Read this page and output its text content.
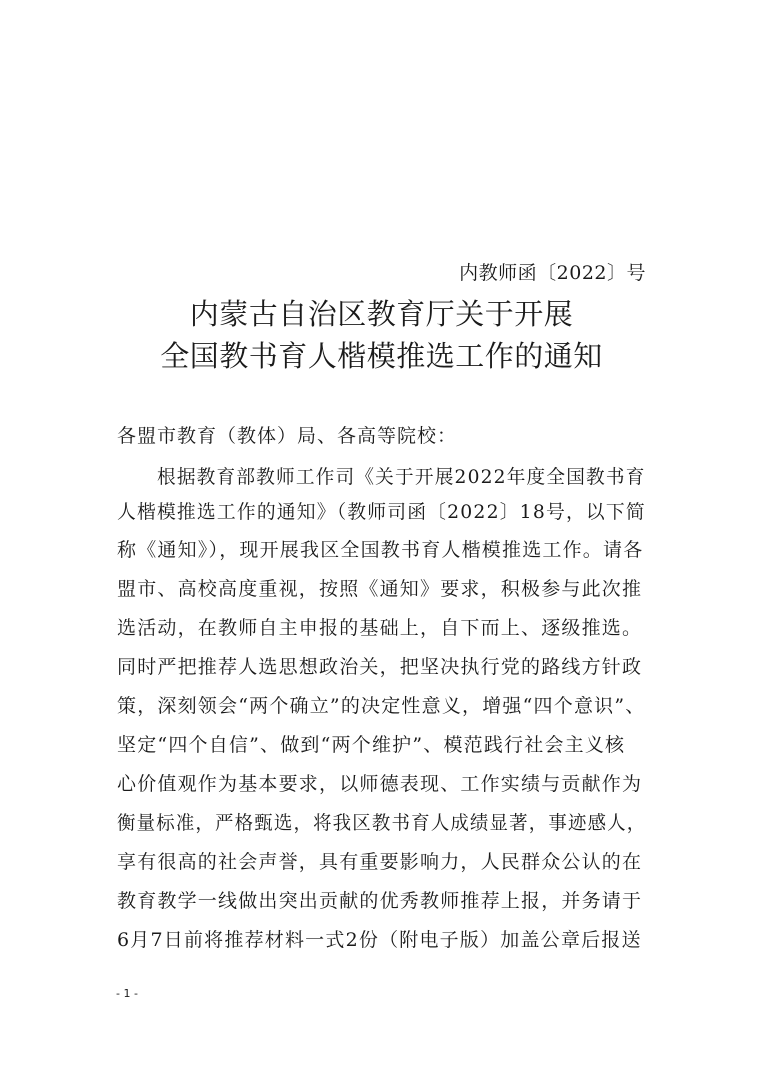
内教师函〔2022〕号
内蒙古自治区教育厅关于开展
全国教书育人楷模推选工作的通知
各盟市教育（教体）局、各高等院校：
根据教育部教师工作司《关于开展2022年度全国教书育
人楷模推选工作的通知》（教师司函〔2022〕18号，以下简
称《通知》），现开展我区全国教书育人楷模推选工作。请各
盟市、高校高度重视，按照《通知》要求，积极参与此次推
选活动，在教师自主申报的基础上，自下而上、逐级推选。
同时严把推荐人选思想政治关，把坚决执行党的路线方针政
策，深刻领会“两个确立”的决定性意义，增强“四个意识”、
坚定“四个自信”、做到“两个维护”、模范践行社会主义核
心价值观作为基本要求，以师德表现、工作实绩与贡献作为
衡量标准，严格甄选，将我区教书育人成绩显著，事迹感人，
享有很高的社会声誉，具有重要影响力，人民群众公认的在
教育教学一线做出突出贡献的优秀教师推荐上报，并务请于
6月7日前将推荐材料一式2份（附电子版）加盖公章后报送
- 1 -
